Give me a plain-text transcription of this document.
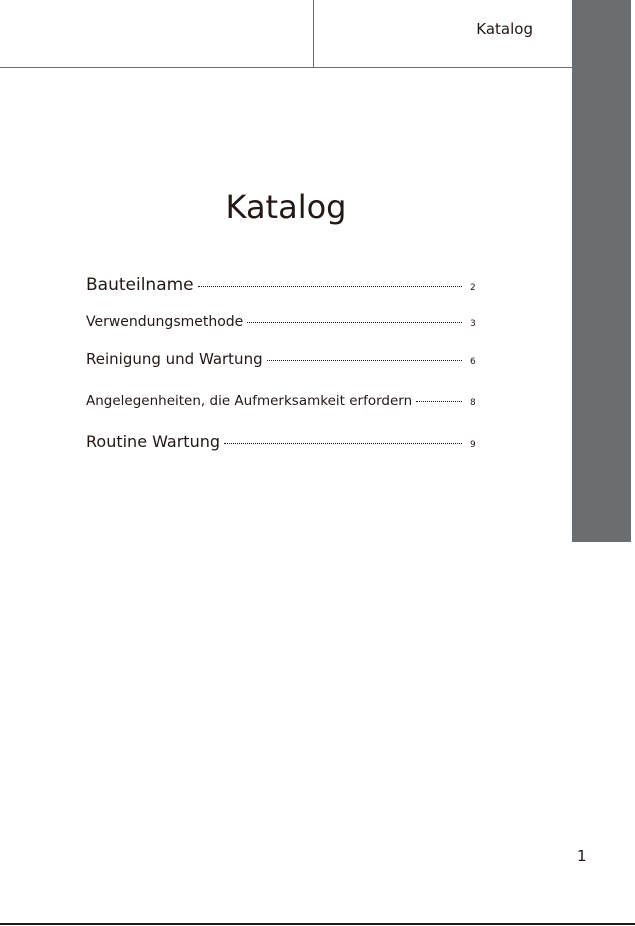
Katalog
Katalog
Bauteilname	2
Verwendungsmethode	3
Reinigung und Wartung	6
Angelegenheiten, die Aufmerksamkeit erfordern	8
Routine Wartung	9
1
